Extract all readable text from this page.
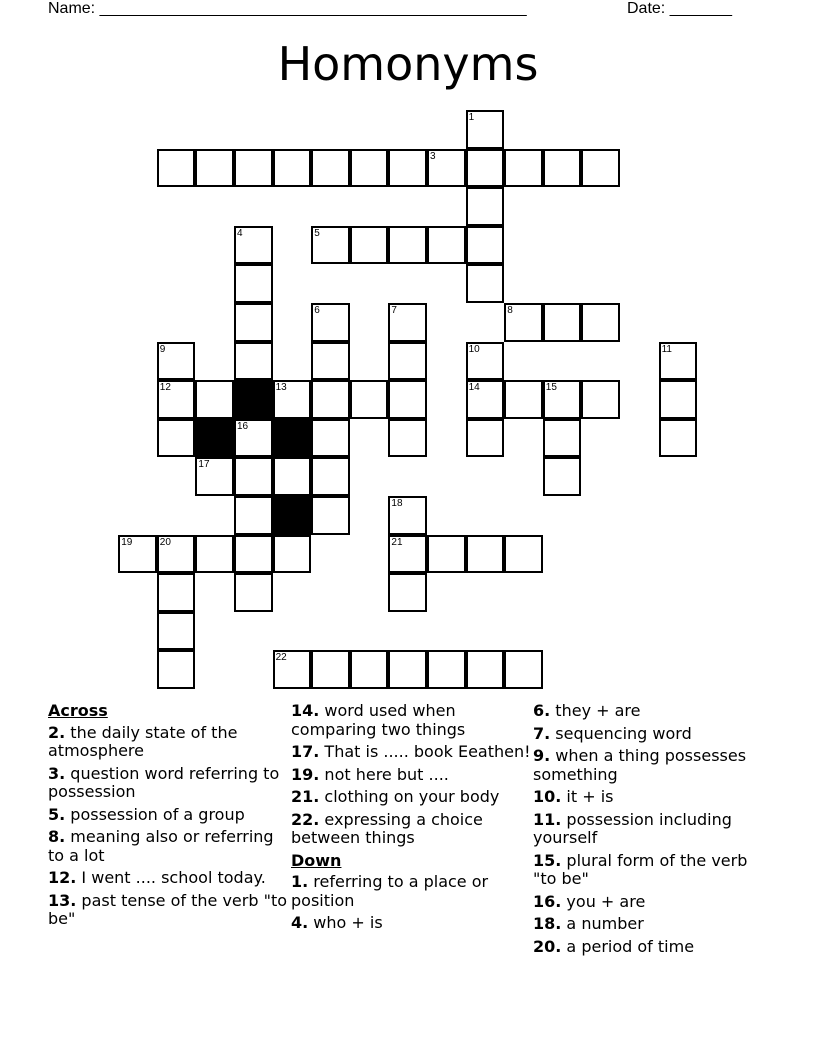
Name: ________________________________________________	Date: _______
Homonyms
1
3
4	5
6	7	8
9	10	11
12	13	14	15
16
17
18
19	20	21
22
Across
2. the daily state of the atmosphere
3. question word referring to possession
5. possession of a group
8. meaning also or referring to a lot
12. I went .... school today.
13. past tense of the verb "to be"
14. word used when comparing two things
17. That is ..... book Eeathen!
19. not here but ....
21. clothing on your body
22. expressing a choice between things
Down
1. referring to a place or position
4. who + is
6. they + are
7. sequencing word
9. when a thing possesses something
10. it + is
11. possession including yourself
15. plural form of the verb "to be"
16. you + are
18. a number
20. a period of time
